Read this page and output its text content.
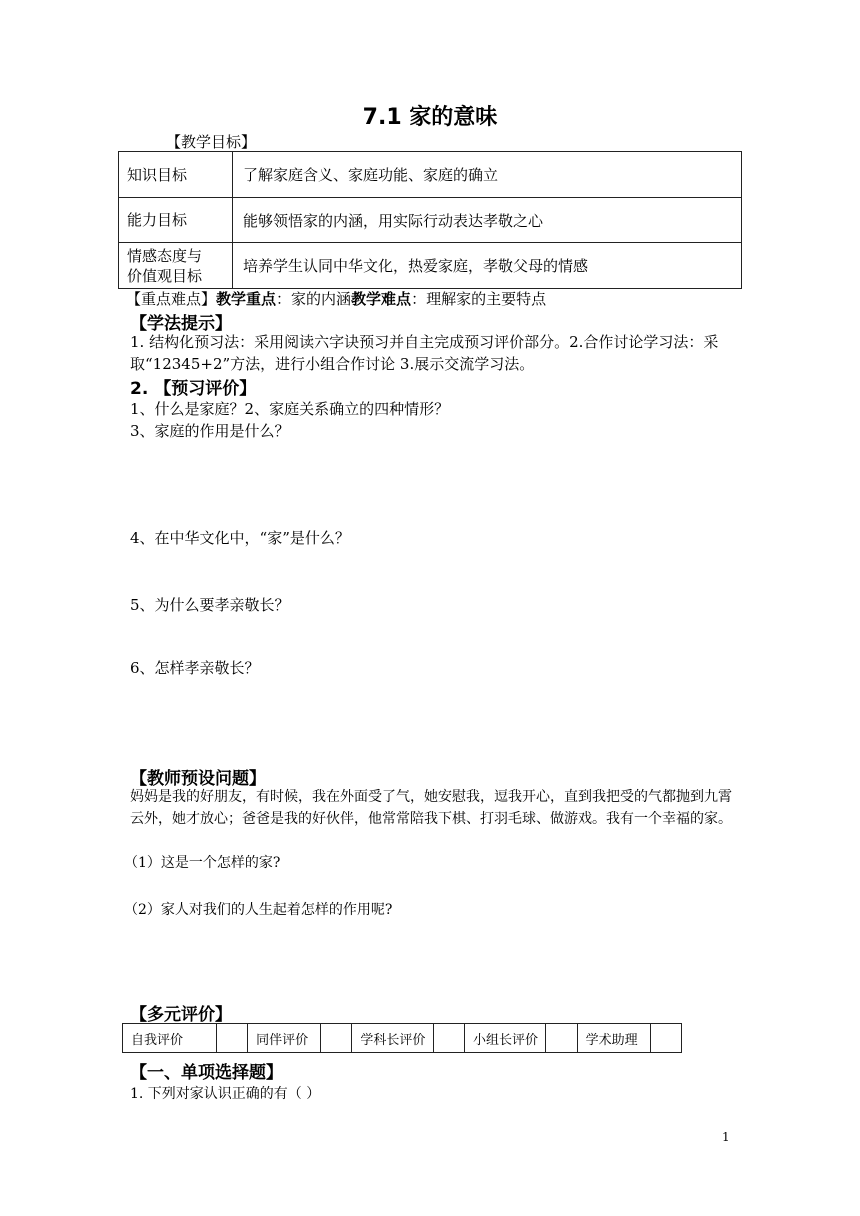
7.1 家的意味
【教学目标】
知识目标	了解家庭含义、家庭功能、家庭的确立
能力目标	能够领悟家的内涵，用实际行动表达孝敬之心

情感态度与
价值观目标	培养学生认同中华文化，热爱家庭，孝敬父母的情感
【重点难点】教学重点：家的内涵教学难点：理解家的主要特点
【学法提示】
1. 结构化预习法：采用阅读六字诀预习并自主完成预习评价部分。2.合作讨论学习法：采取“12345+2”方法，进行小组合作讨论 3.展示交流学习法。
2. 【预习评价】
1、什么是家庭？2、家庭关系确立的四种情形？
3、家庭的作用是什么？
4、在中华文化中，“家”是什么？
5、为什么要孝亲敬长？
6、怎样孝亲敬长？
【教师预设问题】
妈妈是我的好朋友，有时候，我在外面受了气，她安慰我，逗我开心，直到我把受的气都抛到九霄云外，她才放心；爸爸是我的好伙伴，他常常陪我下棋、打羽毛球、做游戏。我有一个幸福的家。
（1）这是一个怎样的家?
（2）家人对我们的人生起着怎样的作用呢?
【多元评价】
自我评价		同伴评价		学科长评价		小组长评价		学术助理	
【一、单项选择题】
1. 下列对家认识正确的有（ ）
1
